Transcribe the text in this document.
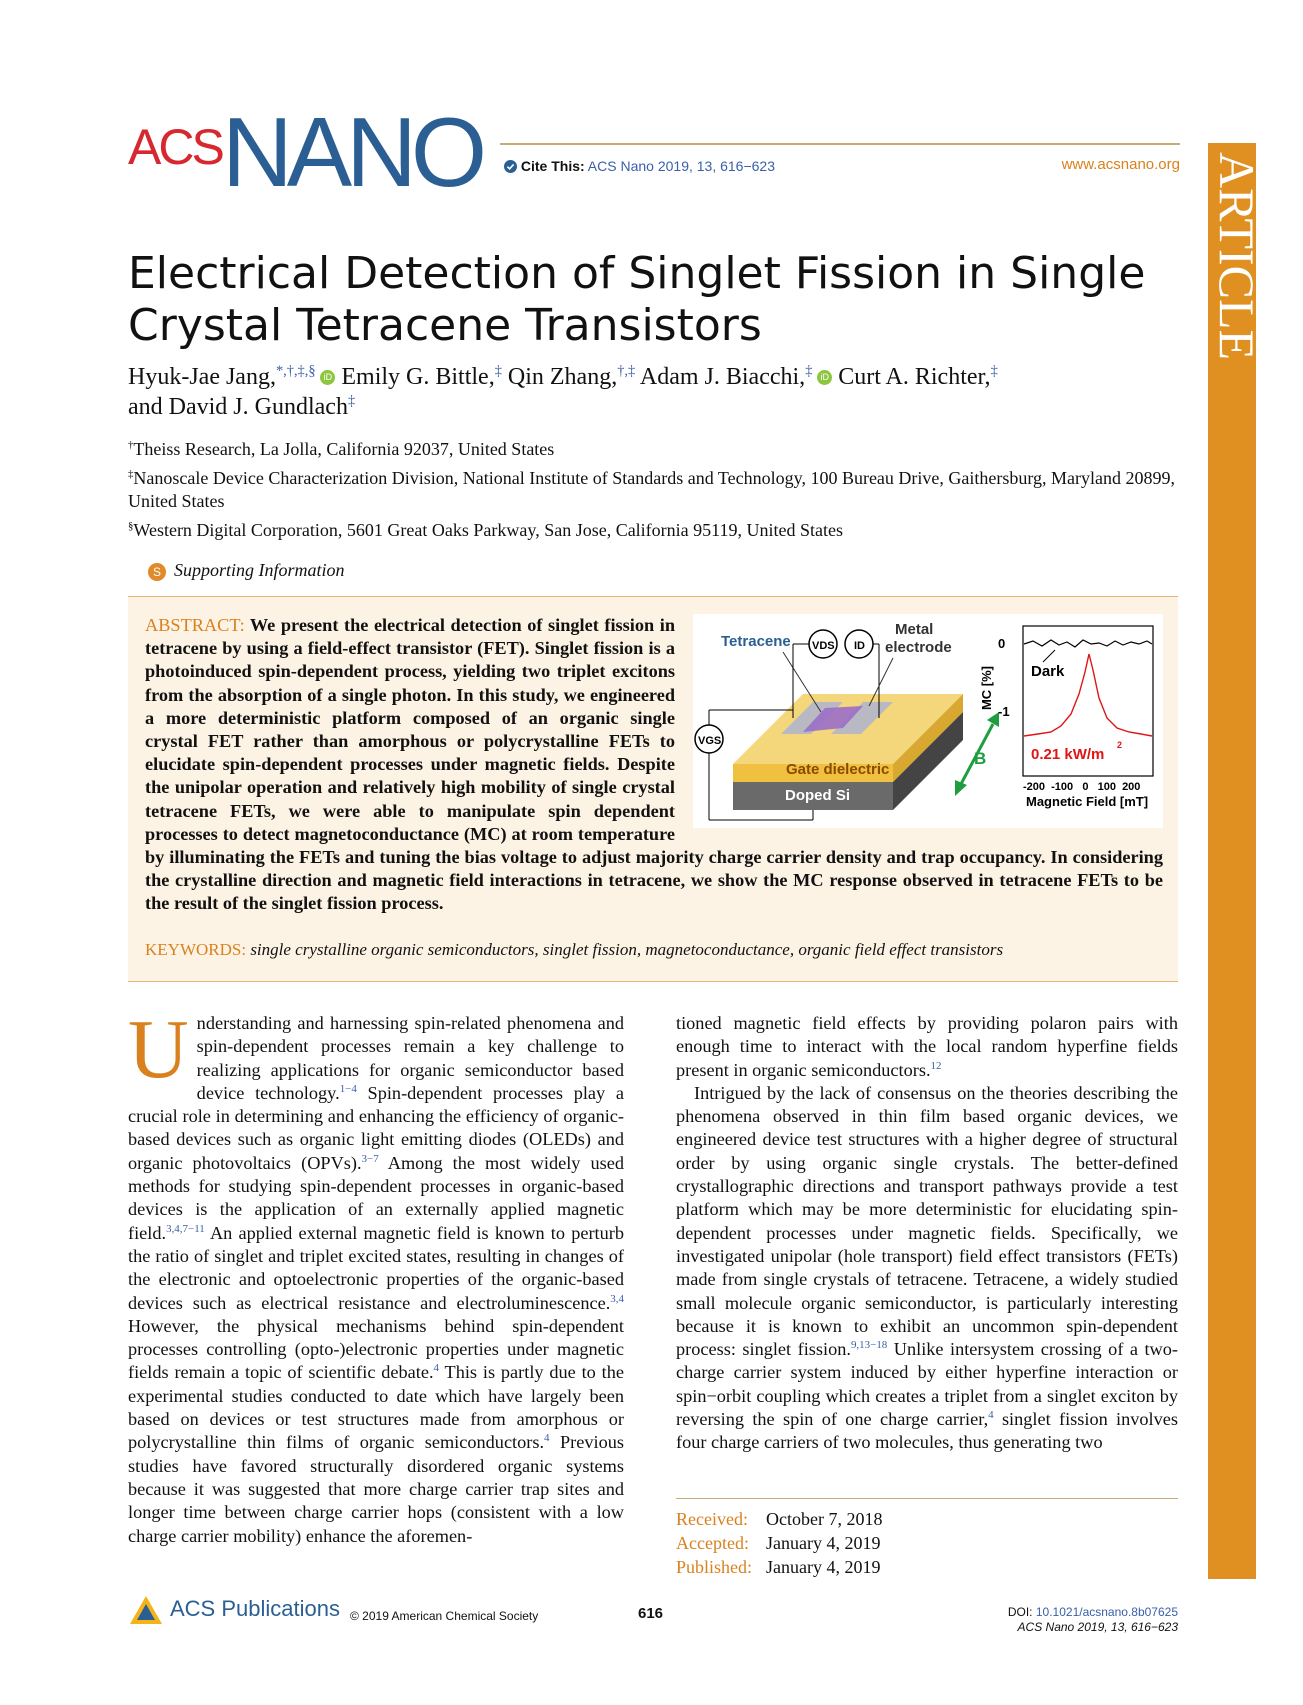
ACS NANO	Cite This: ACS Nano 2019, 13, 616−623	www.acsnano.org ARTICLE
Electrical Detection of Singlet Fission in Single Crystal Tetracene Transistors
Hyuk-Jae Jang,*,†,‡,§  iD Emily G. Bittle,‡ Qin Zhang,†,‡ Adam J. Biacchi,‡  iD Curt A. Richter,‡
and David J. Gundlach‡
†Theiss Research, La Jolla, California 92037, United States
‡Nanoscale Device Characterization Division, National Institute of Standards and Technology, 100 Bureau Drive, Gaithersburg, Maryland 20899, United States
§Western Digital Corporation, 5601 Great Oaks Parkway, San Jose, California 95119, United States
S Supporting Information
Gate dielectric
Doped Si
Tetracene VDS ID
Metal
electrode
VGS
B
0
-1
MC [%] Dark
0.21 kW/m
2
-200  -100   0   100  200
Magnetic Field [mT]
ABSTRACT: We present the electrical detection of singlet fission in tetracene by using a field-effect transistor (FET). Singlet fission is a photoinduced spin-dependent process, yielding two triplet excitons from the absorption of a single photon. In this study, we engineered a more deterministic platform composed of an organic single crystal FET rather than amorphous or polycrystalline FETs to elucidate spin-dependent processes under magnetic fields. Despite the unipolar operation and relatively high mobility of single crystal tetracene FETs, we were able to manipulate spin dependent processes to detect magnetoconductance (MC) at room temperature by illuminating the FETs and tuning the bias voltage to adjust majority charge carrier density and trap occupancy. In considering the crystalline direction and magnetic field interactions in tetracene, we show the MC response observed in tetracene FETs to be the result of the singlet fission process.
KEYWORDS: single crystalline organic semiconductors, singlet fission, magnetoconductance, organic field effect transistors

Understanding and harnessing spin-related phenomena and spin-dependent processes remain a key challenge to realizing applications for organic semiconductor based device technology.$^{1-4}$ Spin-dependent processes play a crucial role in determining and enhancing the efficiency of organic-based devices such as organic light emitting diodes (OLEDs) and organic photovoltaics (OPVs).$^{3-7}$ Among the most widely used methods for studying spin-dependent processes in organic-based devices is the application of an externally applied magnetic field.$^{3,4,7-11}$ An applied external magnetic field is known to perturb the ratio of singlet and triplet excited states, resulting in changes of the electronic and optoelectronic properties of the organic-based devices such as electrical resistance and electroluminescence.$^{3,4}$ However, the physical mechanisms behind spin-dependent processes controlling (opto-)electronic properties under magnetic fields remain a topic of scientific debate.$^4$ This is partly due to the experimental studies conducted to date which have largely been based on devices or test structures made from amorphous or polycrystalline thin films of organic semiconductors.$^4$ Previous studies have favored structurally disordered organic systems because it was suggested that more charge carrier trap sites and longer time between charge carrier hops (consistent with a low charge carrier mobility) enhance the aforemen-

tioned magnetic field effects by providing polaron pairs with enough time to interact with the local random hyperfine fields present in organic semiconductors.$^{12}$

Intrigued by the lack of consensus on the theories describing the phenomena observed in thin film based organic devices, we engineered device test structures with a higher degree of structural order by using organic single crystals. The better-defined crystallographic directions and transport pathways provide a test platform which may be more deterministic for elucidating spin-dependent processes under magnetic fields. Specifically, we investigated unipolar (hole transport) field effect transistors (FETs) made from single crystals of tetracene. Tetracene, a widely studied small molecule organic semiconductor, is particularly interesting because it is known to exhibit an uncommon spin-dependent process: singlet fission.$^{9,13-18}$ Unlike intersystem crossing of a two-charge carrier system induced by either hyperfine interaction or spin−orbit coupling which creates a triplet from a singlet exciton by reversing the spin of one charge carrier,$^4$ singlet fission involves four charge carriers of two molecules, thus generating two

Received: October 7, 2018
Accepted: January 4, 2019
Published: January 4, 2019
ACS Publications © 2019 American Chemical Society	616	DOI: 10.1021/acsnano.8b07625
ACS Nano 2019, 13, 616−623
